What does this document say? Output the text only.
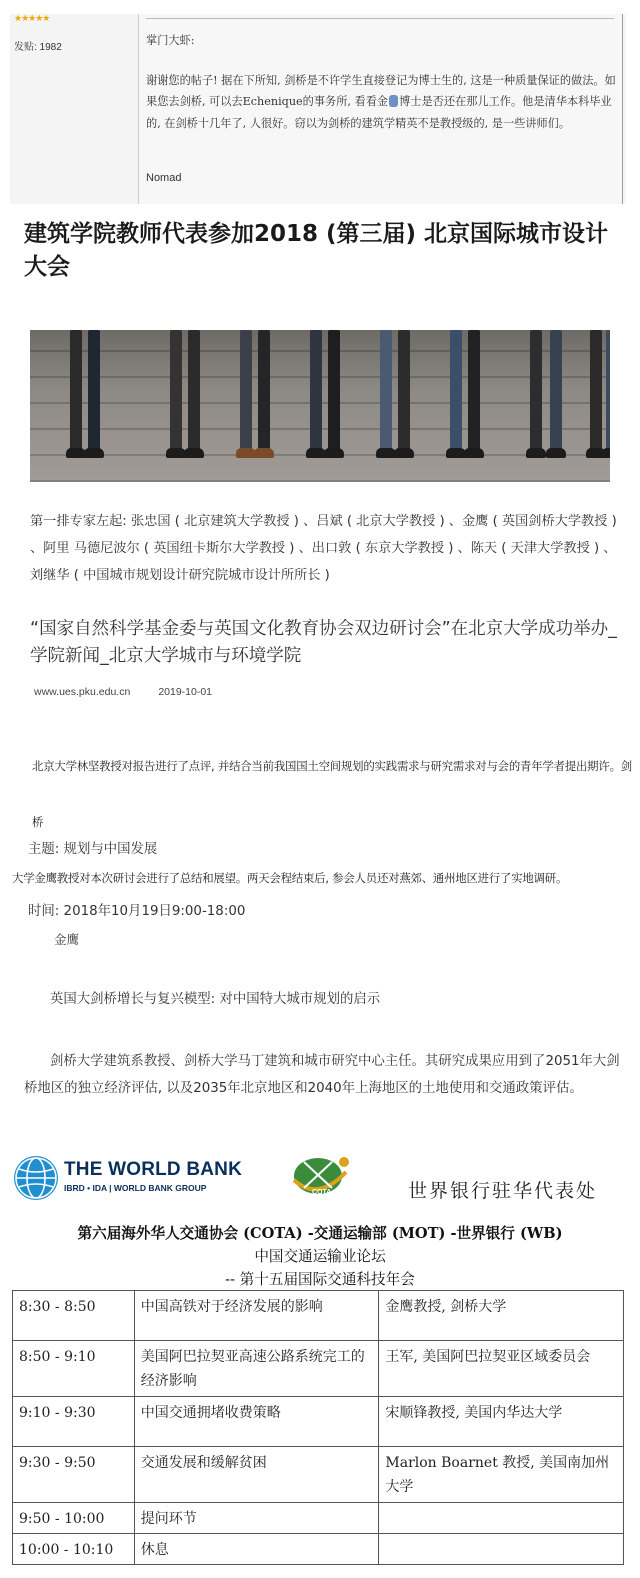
★★★★★
发贴: 1982

掌门大虾:

谢谢您的帖子! 据在下所知, 剑桥是不许学生直接登记为博士生的, 这是一种质量保证的做法。如果您去剑桥, 可以去Echenique的事务所, 看看金 博士是否还在那儿工作。他是清华本科毕业的, 在剑桥十几年了, 人很好。窃以为剑桥的建筑学精英不是教授级的, 是一些讲师们。

Nomad
建筑学院教师代表参加2018 (第三届) 北京国际城市设计大会
第一排专家左起: 张忠国 ( 北京建筑大学教授 ) 、吕斌 ( 北京大学教授 ) 、金鹰 ( 英国剑桥大学教授 ) 、阿里 马德尼波尔 ( 英国纽卡斯尔大学教授 ) 、出口敦 ( 东京大学教授 ) 、陈天 ( 天津大学教授 ) 、刘继华 ( 中国城市规划设计研究院城市设计所所长 )
“国家自然科学基金委与英国文化教育协会双边研讨会”在北京大学成功举办_学院新闻_北京大学城市与环境学院
www.ues.pku.edu.cn	2019-10-01
北京大学林坚教授对报告进行了点评, 并结合当前我国国土空间规划的实践需求与研究需求对与会的青年学者提出期许。剑桥
大学金鹰教授对本次研讨会进行了总结和展望。两天会程结束后, 参会人员还对燕郊、通州地区进行了实地调研。
主题: 规划与中国发展
时间: 2018年10月19日9:00-18:00
金鹰
英国大剑桥增长与复兴模型: 对中国特大城市规划的启示
剑桥大学建筑系教授、剑桥大学马丁建筑和城市研究中心主任。其研究成果应用到了2051年大剑桥地区的独立经济评估, 以及2035年北京地区和2040年上海地区的土地使用和交通政策评估。
THE WORLD BANK
IBRD • IDA | WORLD BANK GROUP	COTA	世界银行驻华代表处
第六届海外华人交通协会 (COTA) -交通运输部 (MOT) -世界银行 (WB)
中国交通运输业论坛
-- 第十五届国际交通科技年会
8:30 - 8:50	中国高铁对于经济发展的影响	金鹰教授, 剑桥大学
8:50 - 9:10	美国阿巴拉契亚高速公路系统完工的经济影响	王军, 美国阿巴拉契亚区域委员会
9:10 - 9:30	中国交通拥堵收费策略	宋顺锋教授, 美国内华达大学
9:30 - 9:50	交通发展和缓解贫困	Marlon Boarnet 教授, 美国南加州大学
9:50 - 10:00	提问环节	
10:00 - 10:10	休息	
